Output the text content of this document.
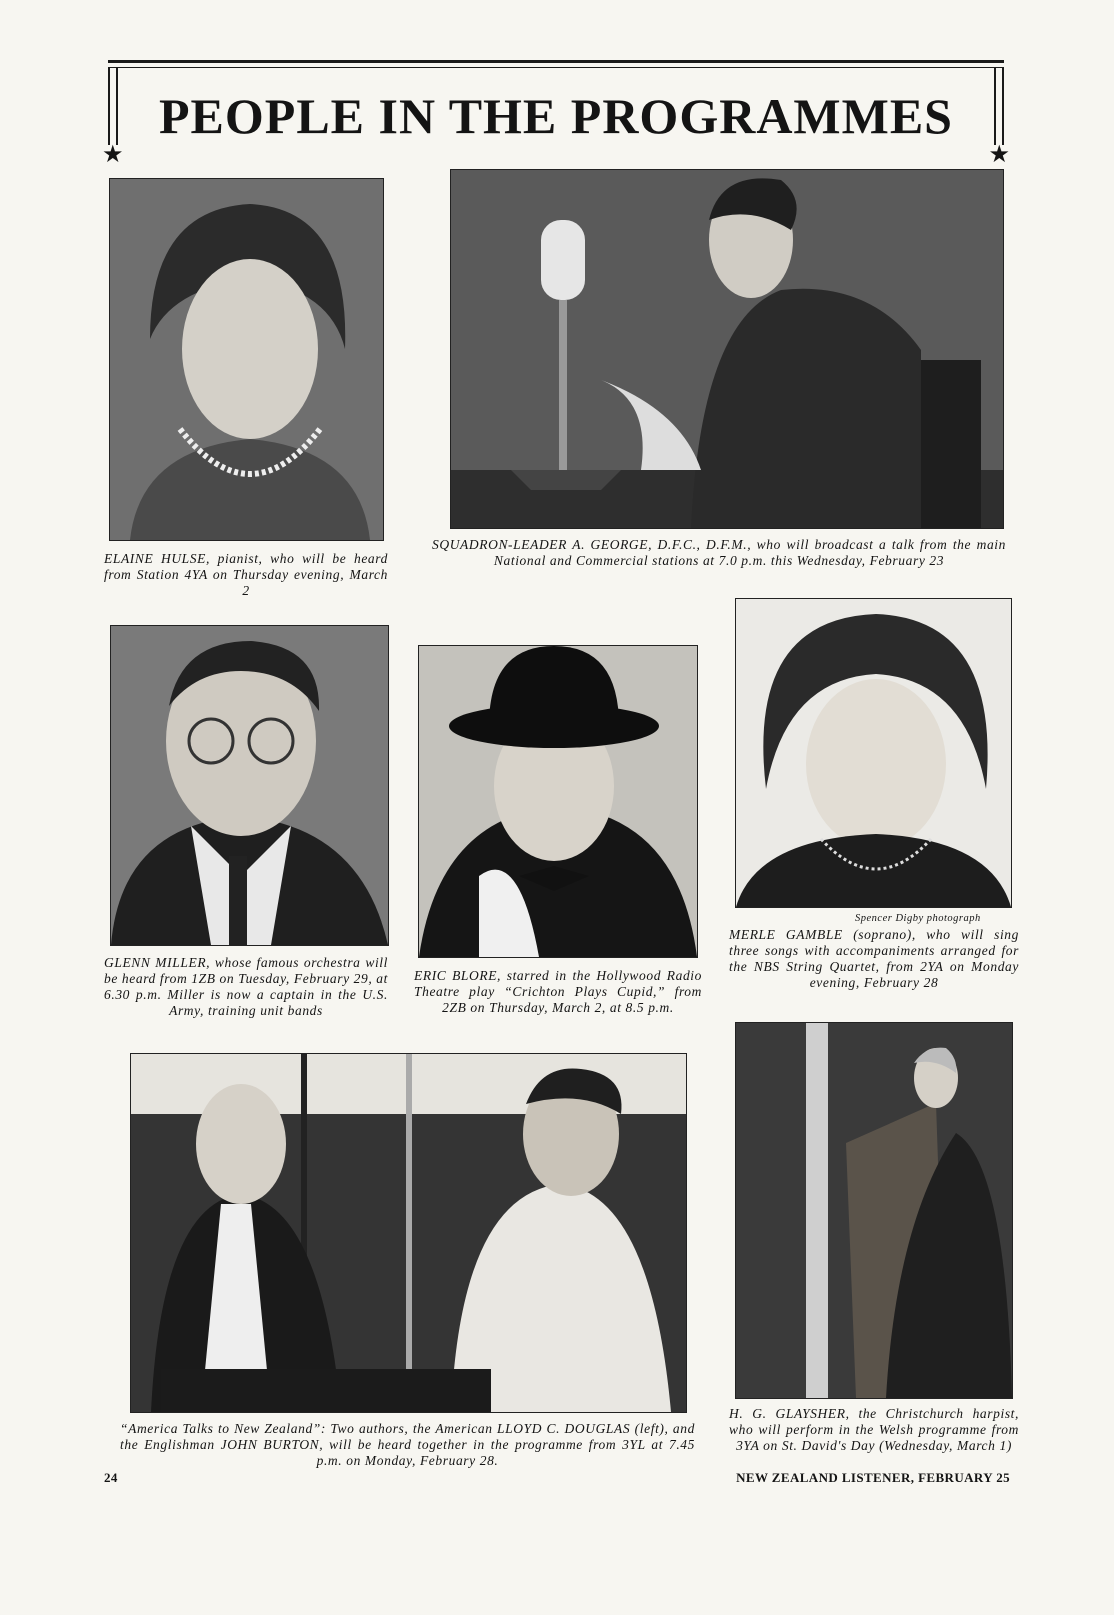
PEOPLE IN THE PROGRAMMES
★	★
ELAINE HULSE, pianist, who will be heard from Station 4YA on Thursday evening, March 2
SQUADRON-LEADER A. GEORGE, D.F.C., D.F.M., who will broadcast a talk from the main National and Commercial stations at 7.0 p.m. this Wednesday, February 23
Spencer Digby photograph
GLENN MILLER, whose famous orchestra will be heard from 1ZB on Tuesday, February 29, at 6.30 p.m. Miller is now a captain in the U.S. Army, training unit bands
ERIC BLORE, starred in the Hollywood Radio Theatre play “Crichton Plays Cupid,” from 2ZB on Thursday, March 2, at 8.5 p.m.
MERLE GAMBLE (soprano), who will sing three songs with accompaniments arranged for the NBS String Quartet, from 2YA on Monday evening, February 28
“America Talks to New Zealand”: Two authors, the American LLOYD C. DOUGLAS (left), and the Englishman JOHN BURTON, will be heard together in the programme from 3YL at 7.45 p.m. on Monday, February 28.
H. G. GLAYSHER, the Christchurch harpist, who will perform in the Welsh programme from 3YA on St. David's Day (Wednesday, March 1)
24	NEW ZEALAND LISTENER, FEBRUARY 25
